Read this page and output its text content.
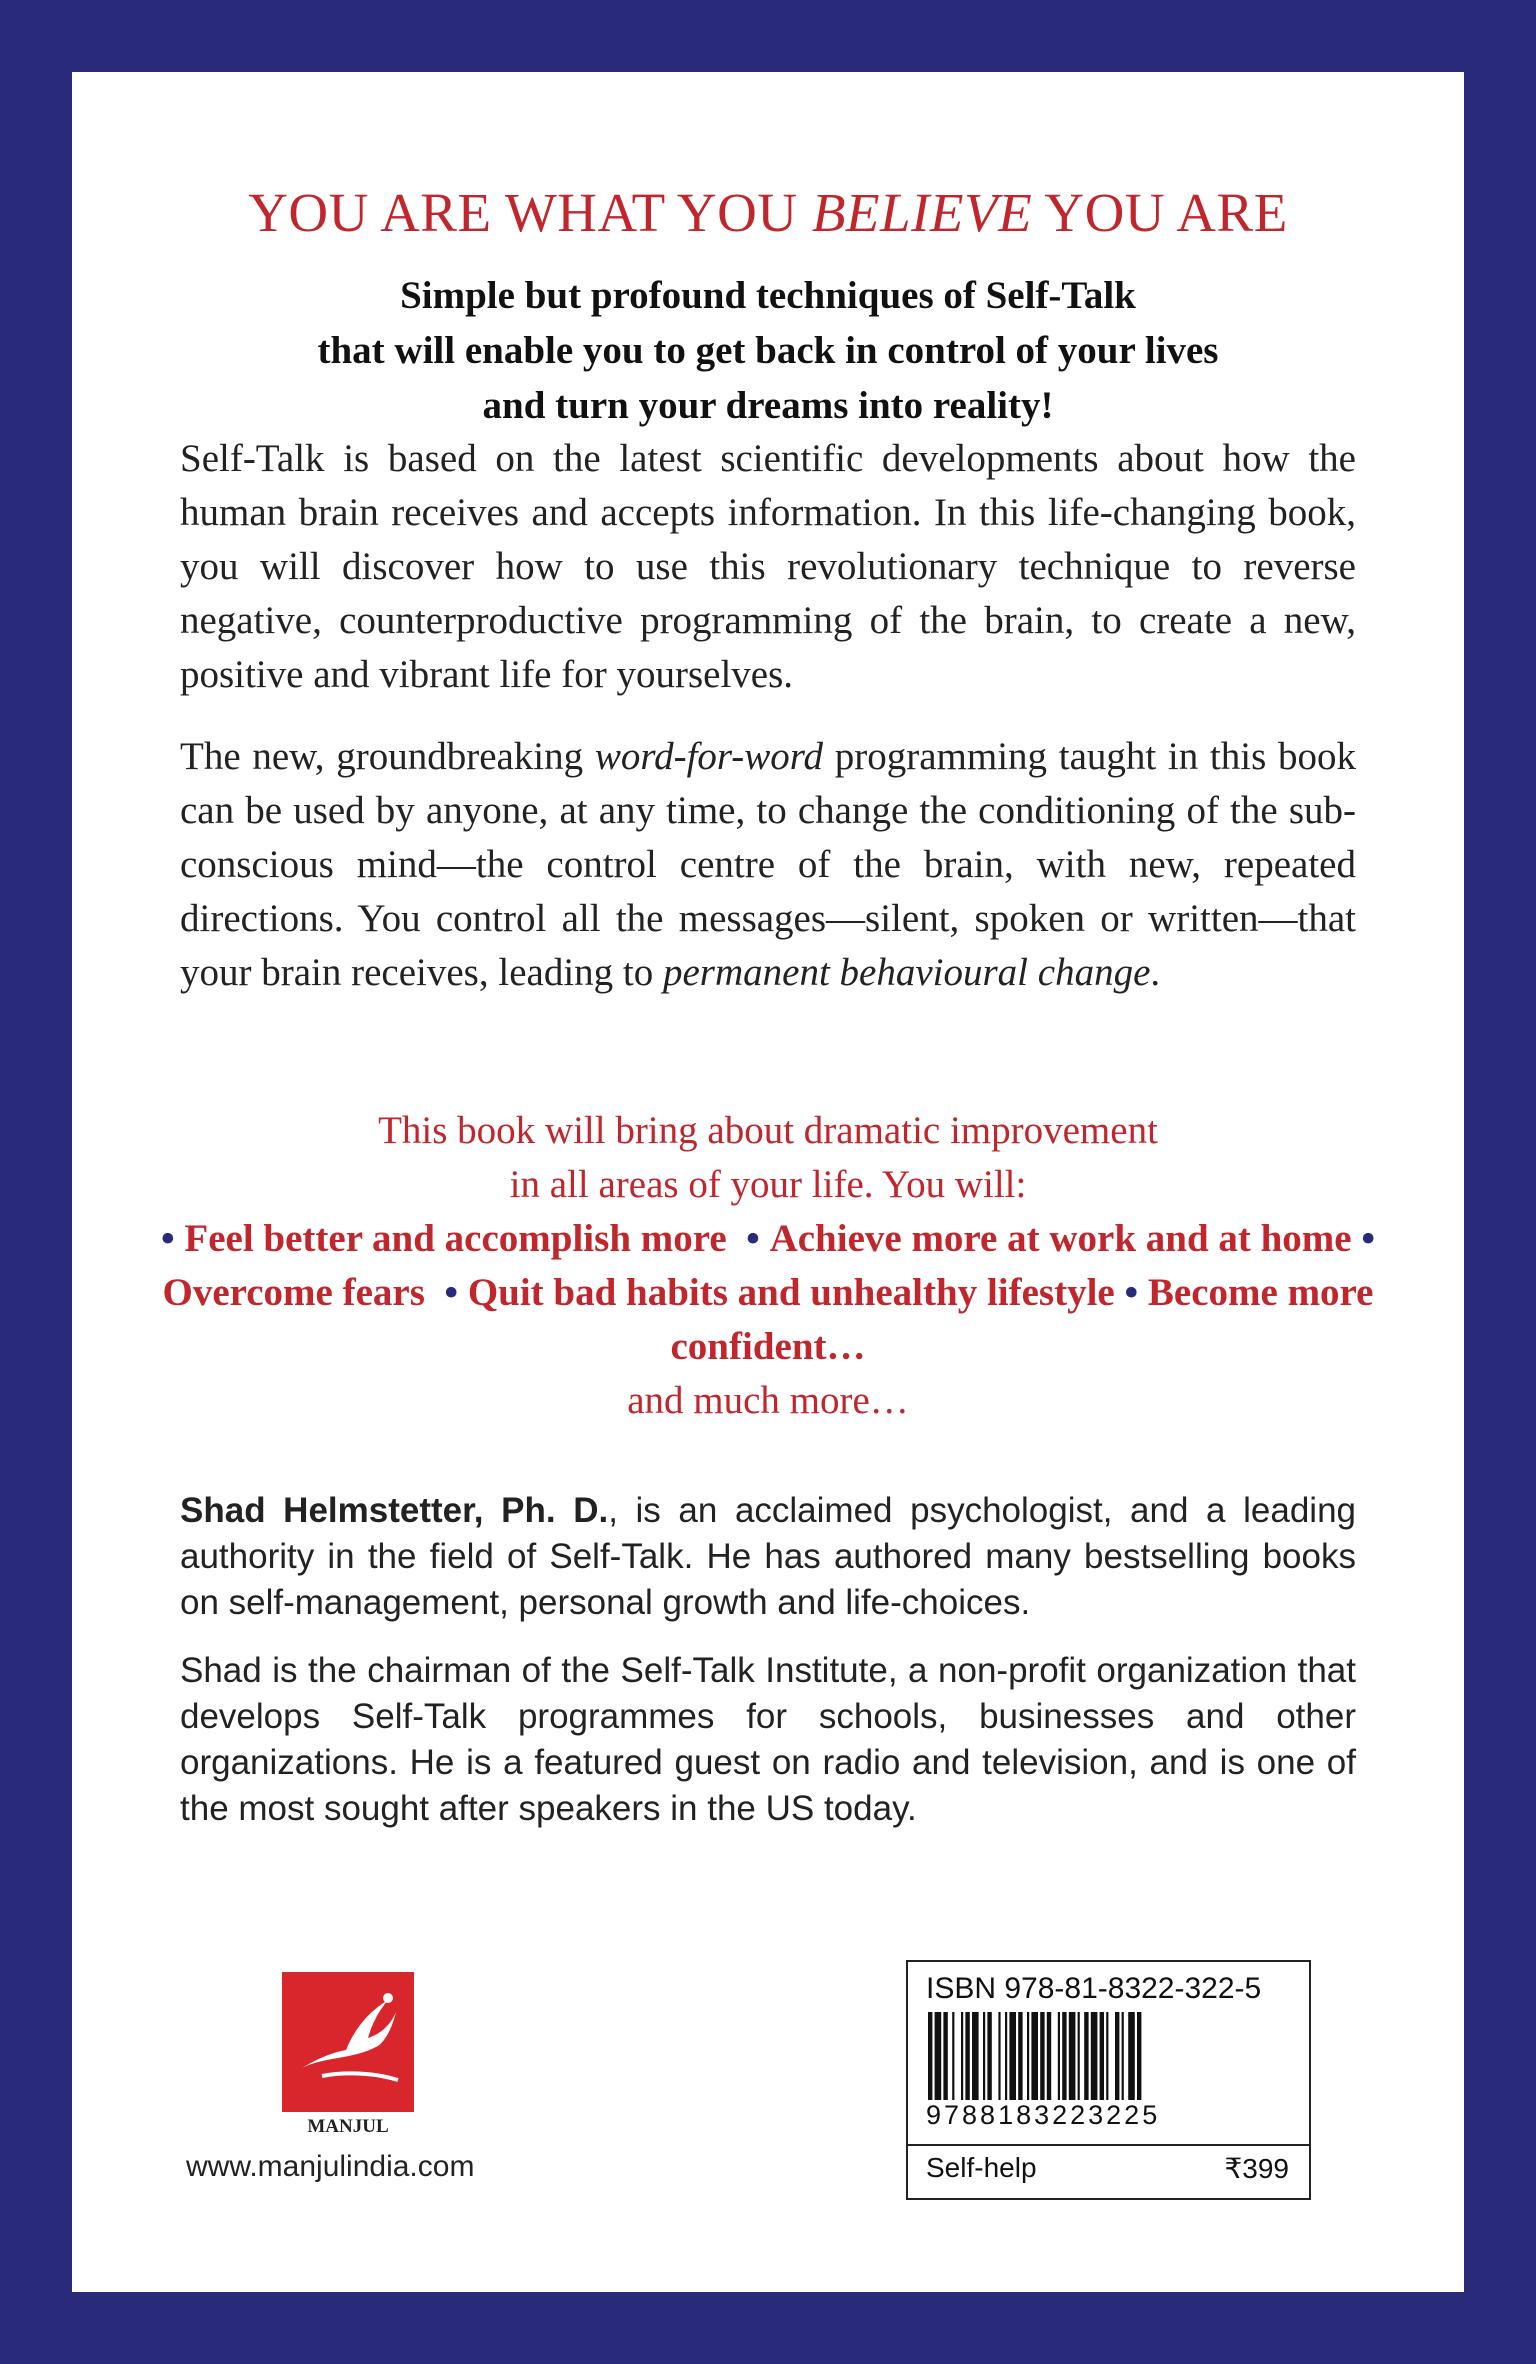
YOU ARE WHAT YOU BELIEVE YOU ARE
Simple but profound techniques of Self-Talk
that will enable you to get back in control of your lives
and turn your dreams into reality!
Self-Talk is based on the latest scientific developments about how the human brain receives and accepts information. In this life-changing book, you will discover how to use this revolutionary technique to reverse negative, counterproductive programming of the brain, to create a new, positive and vibrant life for yourselves.
The new, groundbreaking word-for-word programming taught in this book can be used by anyone, at any time, to change the conditioning of the sub-conscious mind—the control centre of the brain, with new, repeated directions. You control all the messages—silent, spoken or written—that your brain receives, leading to permanent behavioural change.
This book will bring about dramatic improvement
in all areas of your life. You will:
• Feel better and accomplish more • Achieve more at work and at home • Overcome fears • Quit bad habits and unhealthy lifestyle • Become more confident…
and much more…
Shad Helmstetter, Ph. D., is an acclaimed psychologist, and a leading authority in the field of Self-Talk. He has authored many bestselling books on self-management, personal growth and life-choices.
Shad is the chairman of the Self-Talk Institute, a non-profit organization that develops Self-Talk programmes for schools, businesses and other organizations. He is a featured guest on radio and television, and is one of the most sought after speakers in the US today.
MANJUL
www.manjulindia.com
ISBN 978-81-8322-322-5
9788183223225
Self-help	₹399
